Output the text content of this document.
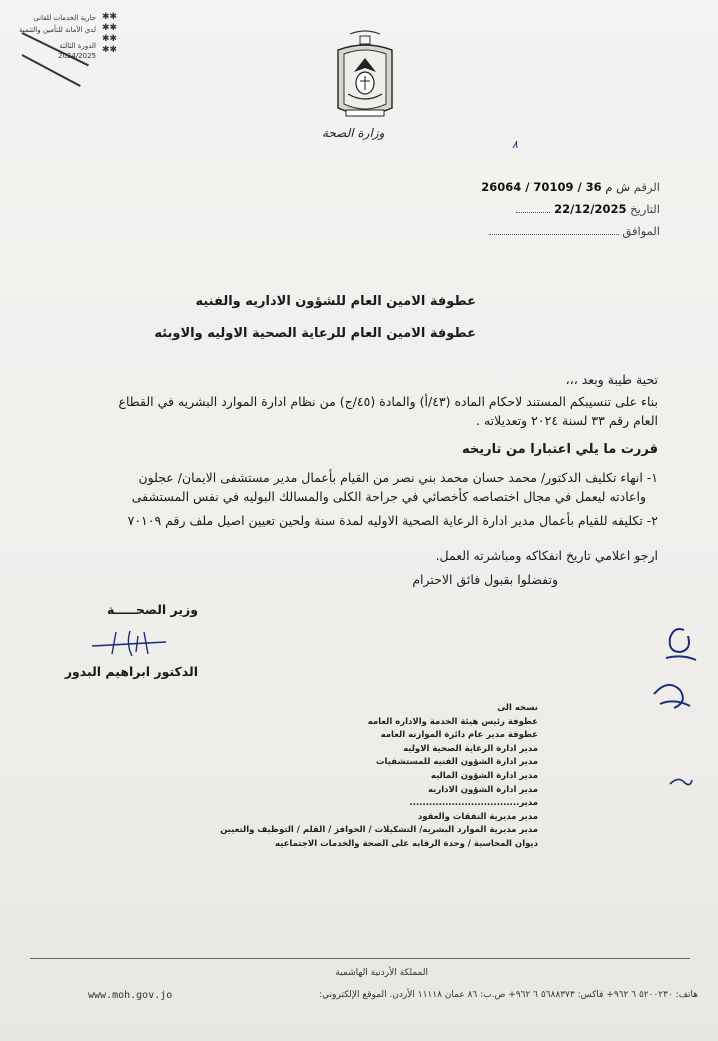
جارية الخدمات للقاني
لدي الأمانة للتأمين والتنمية
الدورة الثالثة
2024/2025
✱✱
✱✱
✱✱
✱✱
وزارة الصحة
٨
الرقم ش م 26064 / 70109 / 36
التاريخ 22/12/2025
الموافق
عطوفة الامين العام للشؤون الاداريه والفنيه
عطوفة الامين العام للرعاية الصحية الاوليه والاوبئه
تحية طيبة وبعد ،،،
بناء على تنسيبكم المستند لاحكام الماده (٤٣/أ) والمادة (٤٥/ج) من نظام ادارة الموارد البشريه في القطاع
العام رقم ٣٣ لسنة ٢٠٢٤ وتعديلاته .
قررت ما يلي اعتبارا من تاريخه
١- انهاء تكليف الدكتور/ محمد حسان محمد بني نصر من القيام بأعمال مدير مستشفى الايمان/ عجلون
واعادته ليعمل في مجال اختصاصه كأخصائي في جراحة الكلى والمسالك البوليه في نفس المستشفى
٢- تكليفه للقيام بأعمال مدير ادارة الرعاية الصحية الاوليه لمدة سنة ولحين تعيين اصيل ملف رقم ٧٠١٠٩
ارجو اعلامي تاريخ انفكاكه ومباشرته العمل.
وتفضلوا بقبول فائق الاحترام
وزير الصحـــــة
الدكتور ابراهيم البدور
نسخه الى
عطوفة رئيس هيئة الخدمة والاداره العامه
عطوفة مدير عام دائرة الموازنه العامه
مدير ادارة الرعاية الصحية الاوليه
مدير ادارة الشؤون الفنيه للمستشفيات
مدير ادارة الشؤون الماليه
مدير ادارة الشؤون الاداريه
مدير..................................
مدير مديرية النفقات والعقود
مدير مديرية الموارد البشريه/ التشكيلات / الحوافز / القلم / التوظيف والتعيين
ديوان المحاسبة / وحدة الرقابه على الصحة والخدمات الاجتماعيه
المملكة الأردنية الهاشمية
www.moh.gov.jo	هاتف: ٥٢٠٠٢٣٠ ٦ ٩٦٢+ فاكس: ٥٦٨٨٣٧٣ ٦ ٩٦٢+ ص.ب: ٨٦ عمان ١١١١٨ الأردن. الموقع الإلكتروني:
